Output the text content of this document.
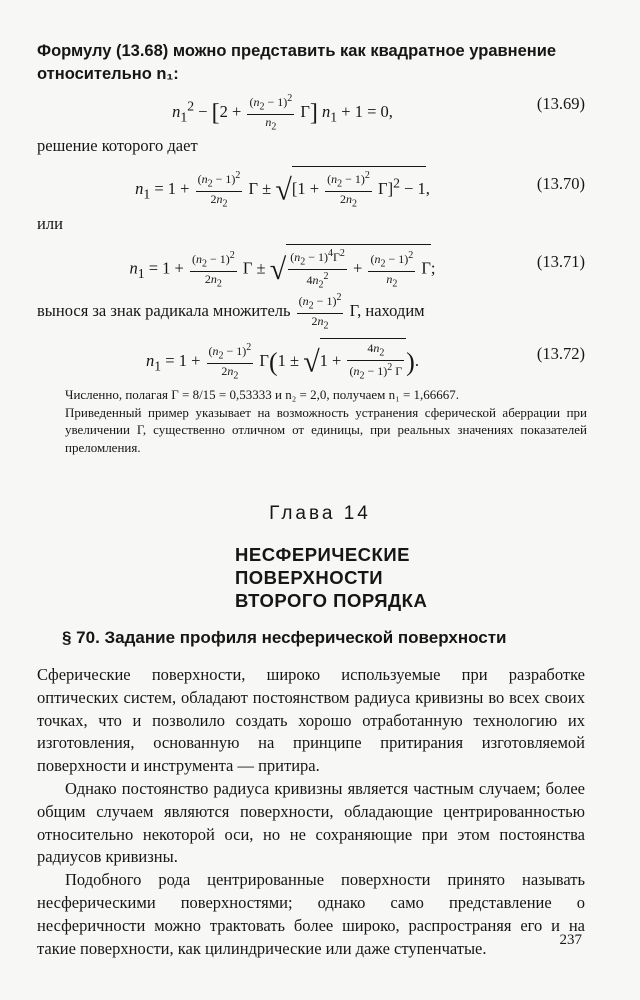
Формулу (13.68) можно представить как квадратное уравнение относительно n₁:
$n_1^2 - [2 + \frac{(n_2 - 1)^2}{n_2} \Gamma] n_1 + 1 = 0$,	(13.69)
решение которого дает
$n_1 = 1 + \frac{(n_2 - 1)^2}{2n_2}$ $\Gamma \pm √[1 + \frac{(n_2 - 1)^2}{2n_2} \Gamma]^2 - 1$,	(13.70)
или
$n_1 = 1 + \frac{(n_2 - 1)^2}{2n_2}$ Γ ± √ $\frac{(n_2 - 1)^4\Gamma^2}{4n_2^2} + \frac{(n_2 - 1)^2}{n_2} \Gamma$;	(13.71)
вынося за знак радикала множитель $\frac{(n_2 - 1)^2}{2n_2} \Gamma$, находим
$n_1 = 1 + \frac{(n_2 - 1)^2}{2n_2} \Gamma(1 \pm √1 + \frac{4n_2}{(n_2 - 1)^2 \Gamma}$ ).	(13.72)

Численно, полагая Γ = 8/15 = 0,53333 и n₂ = 2,0, получаем n₁ = 1,66667.

Приведенный пример указывает на возможность устранения сферической аберрации при увеличении Γ, существенно отличном от единицы, при реальных значениях показателей преломления.

Глава 14
НЕСФЕРИЧЕСКИЕ
ПОВЕРХНОСТИ
ВТОРОГО ПОРЯДКА
§ 70. Задание профиля несферической поверхности

Сферические поверхности, широко используемые при разработке оптических систем, обладают постоянством радиуса кривизны во всех своих точках, что и позволило создать хорошо отработанную технологию их изготовления, основанную на принципе притирания изготовляемой поверхности и инструмента — притира.

Однако постоянство радиуса кривизны является частным случаем; более общим случаем являются поверхности, обладающие центрированностью относительно некоторой оси, но не сохраняющие при этом постоянства радиусов кривизны.

Подобного рода центрированные поверхности принято называть несферическими поверхностями; однако само представление о несферичности можно трактовать более широко, распространяя его и на такие поверхности, как цилиндрические или даже ступенчатые.	237
